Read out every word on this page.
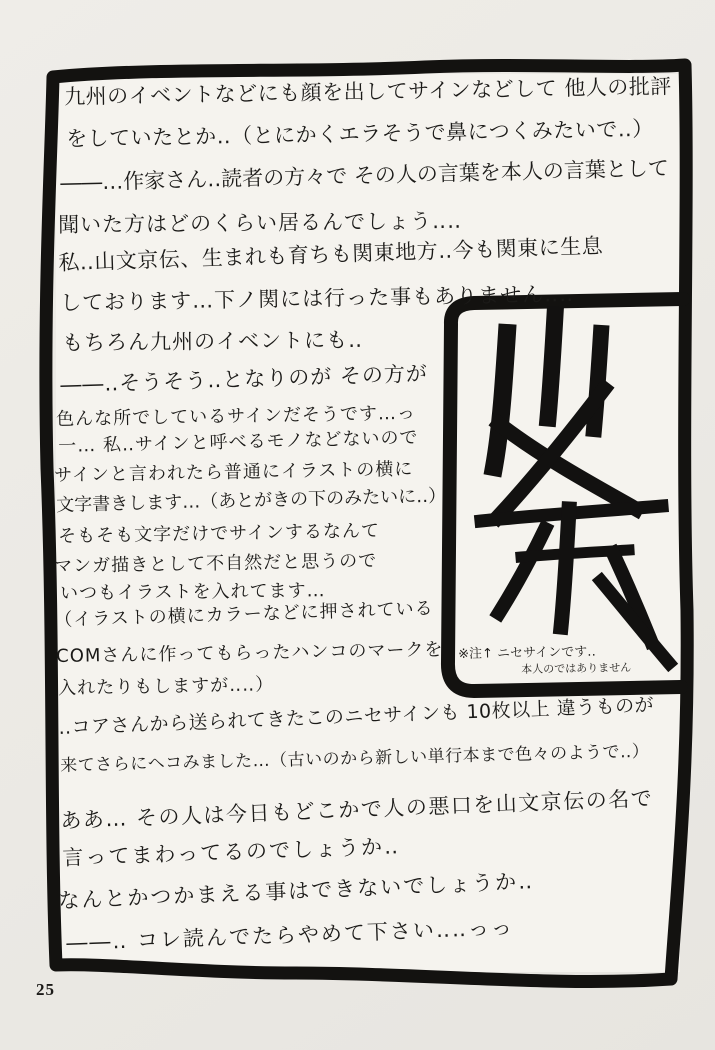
九州のイベントなどにも顔を出してサインなどして 他人の批評
をしていたとか‥（とにかくエラそうで鼻につくみたいで‥）
――…作家さん‥読者の方々で その人の言葉を本人の言葉として
聞いた方はどのくらい居るんでしょう‥‥
私‥山文京伝、生まれも育ちも関東地方‥今も関東に生息
しております…下ノ関には行った事もありません‥‥
もちろん九州のイベントにも‥
――‥そうそう‥となりのが その方が
色んな所でしているサインだそうです…っ
一… 私‥サインと呼べるモノなどないので
サインと言われたら普通にイラストの横に
文字書きします…（あとがきの下のみたいに‥）
そもそも文字だけでサインするなんて
マンガ描きとして不自然だと思うので
いつもイラストを入れてます…
（イラストの横にカラーなどに押されている
COMさんに作ってもらったハンコのマークを
入れたりもしますが‥‥）
‥コアさんから送られてきたこのニセサインも 10枚以上 違うものが
来てさらにヘコみました…（古いのから新しい単行本まで色々のようで‥）
ああ… その人は今日もどこかで人の悪口を山文京伝の名で
言ってまわってるのでしょうか‥
なんとかつかまえる事はできないでしょうか‥
――‥ コレ読んでたらやめて下さい‥‥っっ
※注↑ ニセサインです‥
本人のではありません
25
